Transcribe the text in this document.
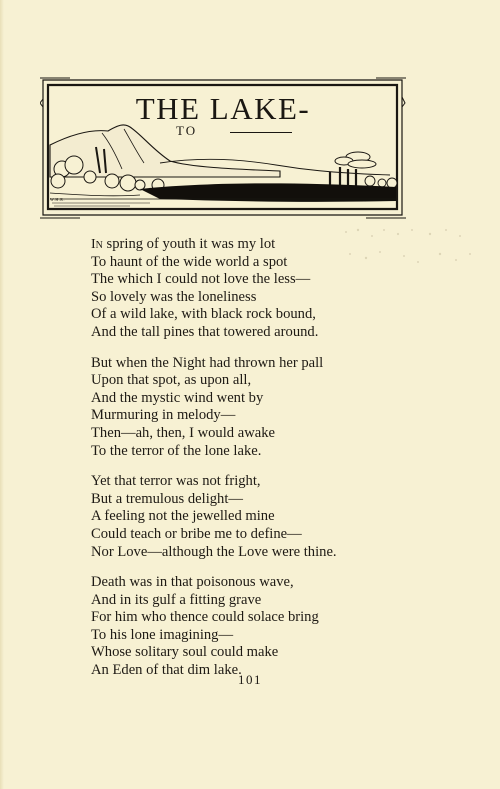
THE LAKE-
TO
W.H.R.
In spring of youth it was my lot
To haunt of the wide world a spot
The which I could not love the less—
So lovely was the loneliness
Of a wild lake, with black rock bound,
And the tall pines that towered around.
But when the Night had thrown her pall
Upon that spot, as upon all,
And the mystic wind went by
Murmuring in melody—
Then—ah, then, I would awake
To the terror of the lone lake.
Yet that terror was not fright,
But a tremulous delight—
A feeling not the jewelled mine
Could teach or bribe me to define—
Nor Love—although the Love were thine.
Death was in that poisonous wave,
And in its gulf a fitting grave
For him who thence could solace bring
To his lone imagining—
Whose solitary soul could make
An Eden of that dim lake.
101
